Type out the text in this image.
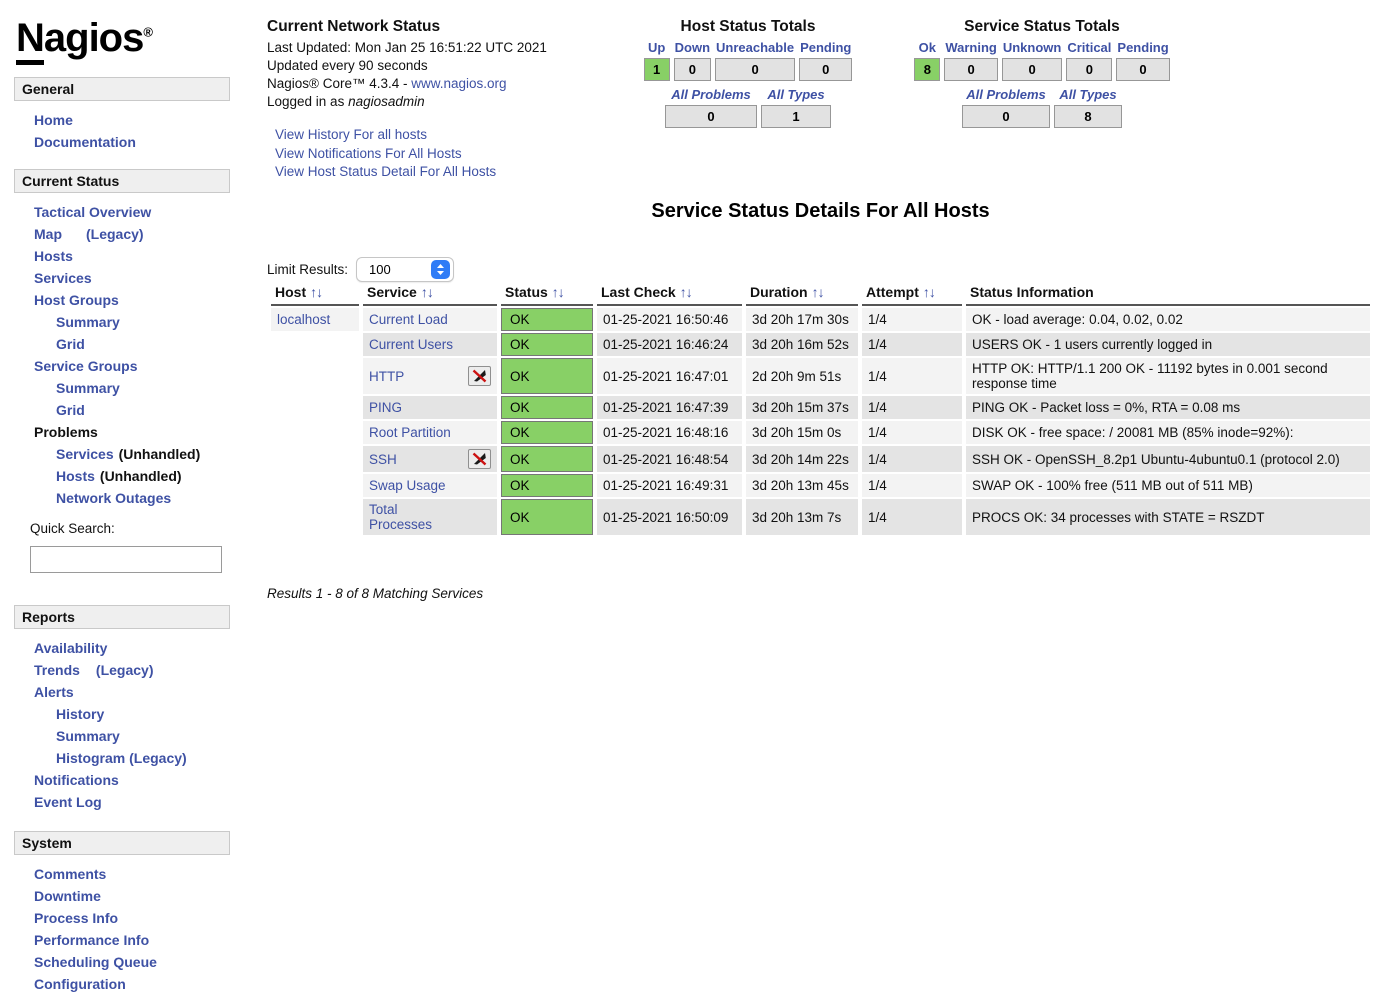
Nagios®
General
Home
Documentation
Current Status
Tactical Overview
Map (Legacy)
Hosts
Services
Host Groups
Summary
Grid
Service Groups
Summary
Grid
Problems
Services (Unhandled)
Hosts (Unhandled)
Network Outages
Quick Search:
Reports
Availability
Trends (Legacy)
Alerts
History
Summary
Histogram (Legacy)
Notifications
Event Log
System
Comments
Downtime
Process Info
Performance Info
Scheduling Queue
Configuration
Current Network Status
Last Updated: Mon Jan 25 16:51:22 UTC 2021
Updated every 90 seconds
Nagios® Core™ 4.3.4 - www.nagios.org
Logged in as nagiosadmin
View History For all hosts
View Notifications For All Hosts
View Host Status Detail For All Hosts
Host Status Totals
Up	Down	Unreachable	Pending
1	0	0	0
All Problems	All Types
0	1
Service Status Totals
Ok	Warning	Unknown	Critical	Pending
8	0	0	0	0
All Problems	All Types
0	8
Service Status Details For All Hosts
Limit Results: 100
Host ↑↓	Service ↑↓	Status ↑↓	Last Check ↑↓	Duration ↑↓	Attempt ↑↓	Status Information
localhost	Current Load	OK	01-25-2021 16:50:46	3d 20h 17m 30s	1/4	OK - load average: 0.04, 0.02, 0.02
	Current Users	OK	01-25-2021 16:46:24	3d 20h 16m 52s	1/4	USERS OK - 1 users currently logged in

	HTTP	OK	01-25-2021 16:47:01	2d 20h 9m 51s	1/4	HTTP OK: HTTP/1.1 200 OK - 11192 bytes in 0.001 second response time
	PING	OK	01-25-2021 16:47:39	3d 20h 15m 37s	1/4	PING OK - Packet loss = 0%, RTA = 0.08 ms
	Root Partition	OK	01-25-2021 16:48:16	3d 20h 15m 0s	1/4	DISK OK - free space: / 20081 MB (85% inode=92%):

	SSH	OK	01-25-2021 16:48:54	3d 20h 14m 22s	1/4	SSH OK - OpenSSH_8.2p1 Ubuntu-4ubuntu0.1 (protocol 2.0)
	Swap Usage	OK	01-25-2021 16:49:31	3d 20h 13m 45s	1/4	SWAP OK - 100% free (511 MB out of 511 MB)
	Total Processes	OK	01-25-2021 16:50:09	3d 20h 13m 7s	1/4	PROCS OK: 34 processes with STATE = RSZDT
Results 1 - 8 of 8 Matching Services
